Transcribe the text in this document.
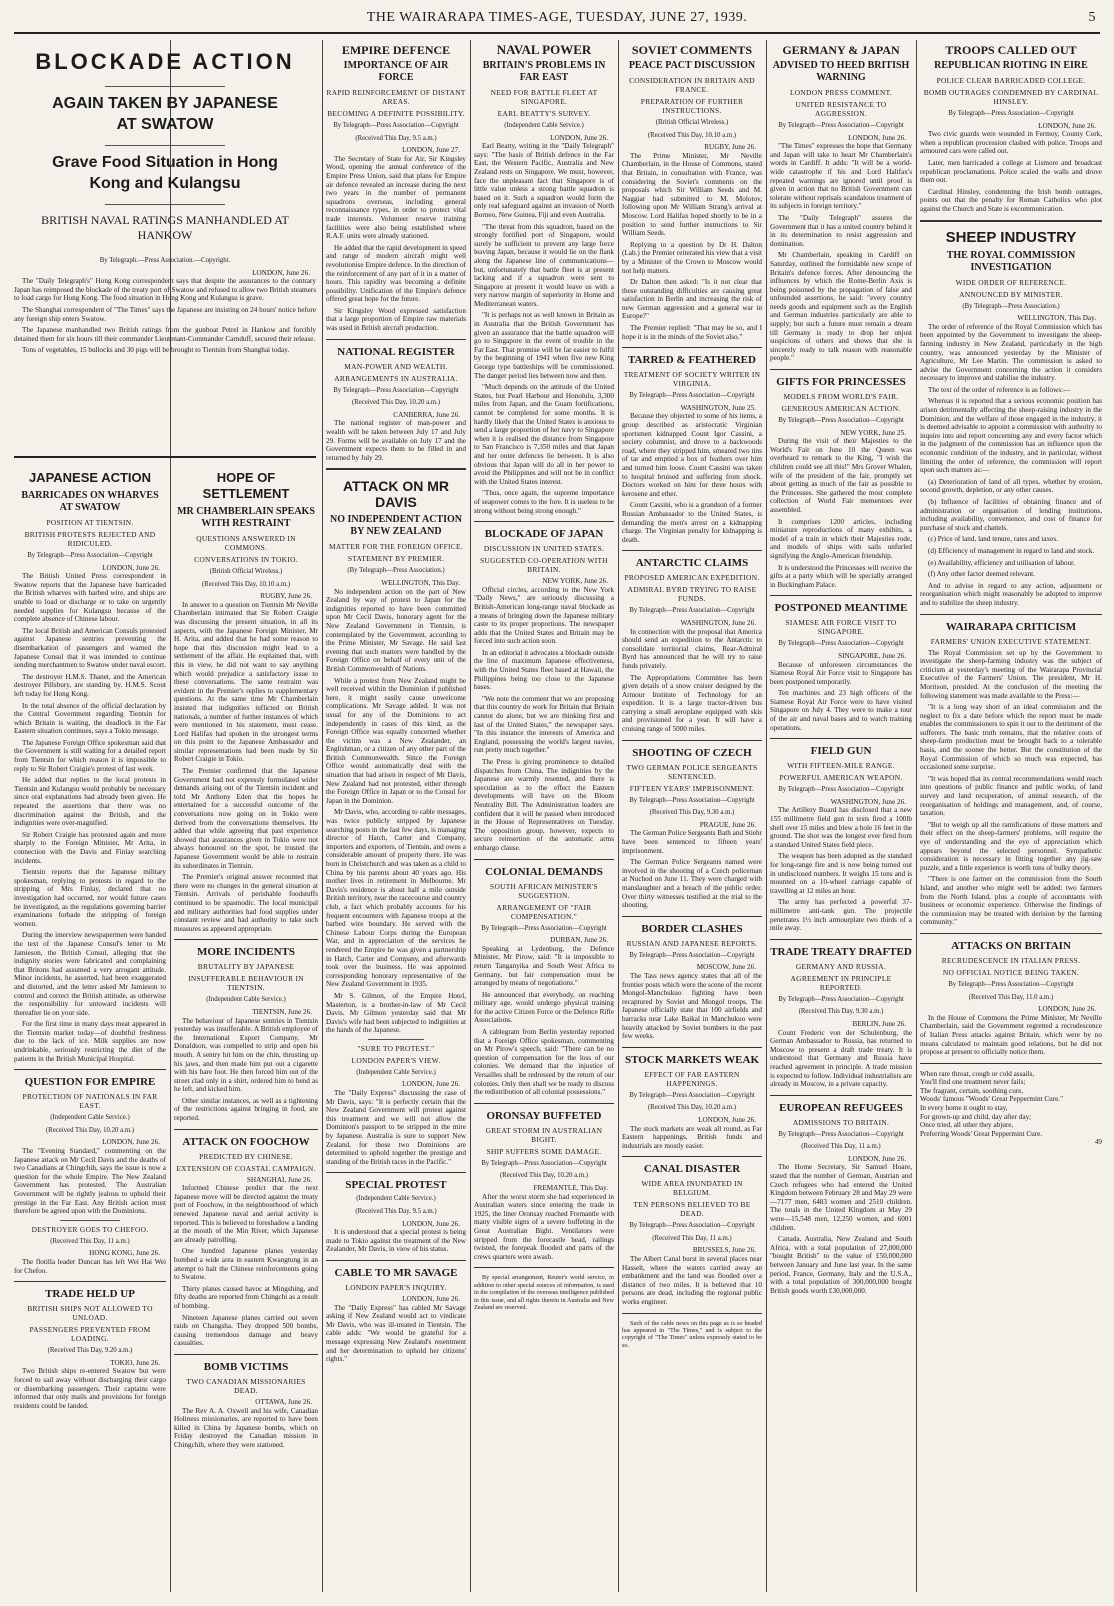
THE WAIRARAPA TIMES-AGE, TUESDAY, JUNE 27, 1939.	5
BLOCKADE ACTION
AGAIN TAKEN BY JAPANESE AT SWATOW
Grave Food Situation in Hong Kong and Kulangsu
BRITISH NAVAL RATINGS MANHANDLED AT HANKOW
By Telegraph.—Press Association.—Copyright.
LONDON, June 26.

The "Daily Telegraph's" Hong Kong correspondent says that despite the assurances to the contrary Japan has reimposed the blockade of the treaty port of Swatow and refused to allow two British steamers to load cargo for Hong Kong. The food situation in Hong Kong and Kulangsu is grave.

The Shanghai correspondent of "The Times" says the Japanese are insisting on 24 hours' notice before any foreign ship enters Swatow.

The Japanese manhandled two British ratings from the gunboat Petrel in Hankow and forcibly detained them for six hours till their commander Lieutenant-Commander Carnduff, secured their release.

Tons of vegetables, 15 bullocks and 30 pigs will be brought to Tientsin from Shanghai today.

JAPANESE ACTION
BARRICADES ON WHARVES AT SWATOW
POSITION AT TIENTSIN.
BRITISH PROTESTS REJECTED AND RIDICULED.
By Telegraph—Press Association—Copyright
LONDON, June 26.

The British United Press correspondent in Swatow reports that the Japanese have barricaded the British wharves with barbed wire, and ships are unable to load or discharge or to take on urgently needed supplies for Kulangsu because of the complete absence of Chinese labour.

The local British and American Consuls protested against Japanese sentries preventing the disembarkation of passengers and warned the Japanese Consul that it was intended to continue sending merchantmen to Swatow under naval escort.

The destroyer H.M.S. Thanet, and the American destroyer Pillsbury, are standing by. H.M.S. Scout left today for Hong Kong.

In the total absence of the official declaration by the Central Government regarding Tientsin for which Britain is waiting, the deadlock in the Far Eastern situation continues, says a Tokio message.

The Japanese Foreign Office spokesman said that the Government is still waiting for a detailed report from Tientsin for which reason it is impossible to reply to Sir Robert Craigie's protest of last week.

He added that replies to the local protests in Tientsin and Kulangsu would probably be necessary since oral explanations had already been given. He repeated the assertions that there was no discrimination against the British, and the indignities were over-magnified.

Sir Robert Craigie has protested again and more sharply to the Foreign Minister, Mr Arita, in connection with the Davis and Finlay searching incidents.

Tientsin reports that the Japanese military spokesman, replying to protests in regard to the stripping of Mrs Finlay, declared that no investigation had occurred, nor would future cases be investigated, as the regulations governing barrier examinations forbade the stripping of foreign women.

During the interview newspapermen were handed the text of the Japanese Consul's letter to Mr Jamieson, the British Consul, alleging that the indignity stories were fabricated and complaining that Britons had assumed a very arrogant attitude. Minor incidents, he asserted, had been exaggerated and distorted, and the letter asked Mr Jamieson to control and correct the British attitude, as otherwise the responsibility for untoward incidents will thereafter lie on your side.

For the first time in many days meat appeared in the Tientsin market today—of doubtful freshness due to the lack of ice. Milk supplies are now undrinkable, seriously restricting the diet of the patients in the British Municipal Hospital.

QUESTION FOR EMPIRE
PROTECTION OF NATIONALS IN FAR EAST.
(Independent Cable Service.)
(Received This Day, 10.20 a.m.)
LONDON, June 26.

The "Evening Standard," commenting on the Japanese attack on Mr Cecil Davis and the deaths of two Canadians at Chingchih, says the issue is now a question for the whole Empire. The New Zealand Government has protested. The Australian Government will be rightly jealous to uphold their prestige in the Far East. Any British action must therefore be agreed upon with the Dominions.

DESTROYER GOES TO CHEFOO.
(Received This Day, 11 a.m.)
HONG KONG, June 26.

The flotilla leader Duncan has left Wei Hai Wei for Chefoo.

TRADE HELD UP
BRITISH SHIPS NOT ALLOWED TO UNLOAD.
PASSENGERS PREVENTED FROM LOADING.
(Received This Day, 9.20 a.m.)
TOKIO, June 26.

Two British ships re-entered Swatow but were forced to sail away without discharging their cargo or disembarking passengers. Their captains were informed that only mails and provisions for foreign residents could be landed.

HOPE OF SETTLEMENT
MR CHAMBERLAIN SPEAKS WITH RESTRAINT
QUESTIONS ANSWERED IN COMMONS.
CONVERSATIONS IN TOKIO.
(British Official Wireless.)
(Received This Day, 10.10 a.m.)
RUGBY, June 26.

In answer to a question on Tientsin Mr Neville Chamberlain intimated that Sir Robert Craigie was discussing the present situation, in all its aspects, with the Japanese Foreign Minister, Mr H. Arita, and added that he had some reason to hope that this discussion might lead to a settlement of the affair. He explained that, with this in view, he did not want to say anything which would prejudice a satisfactory issue to these conversations. The same restraint was evident in the Premier's replies to supplementary questions. At the same time Mr Chamberlain insisted that indignities inflicted on British nationals, a number of further instances of which were mentioned in his statement, must cease. Lord Halifax had spoken in the strongest terms on this point to the Japanese Ambassador and similar representations had been made by Sir Robert Craigie in Tokio.

The Premier confirmed that the Japanese Government had not expressly formulated wider demands arising out of the Tientsin incident and told Mr Anthony Eden that the hopes he entertained for a successful outcome of the conversations now going on in Tokio were derived from the conversations themselves. He added that while agreeing that past experience showed that assurances given in Tokio were not always honoured on the spot, he trusted the Japanese Government would be able to restrain its subordinates in Tientsin.

The Premier's original answer recounted that there were no changes in the general situation at Tientsin. Arrivals of perishable foodstuffs continued to be spasmodic. The local municipal and military authorities had food supplies under constant review and had authority to take such measures as appeared appropriate.

MORE INCIDENTS
BRUTALITY BY JAPANESE
INSUFFERABLE BEHAVIOUR IN TIENTSIN.
(Independent Cable Service.)
TIENTSIN, June 26.

The behaviour of Japanese sentries in Tientsin yesterday was insufferable. A British employee of the International Export Company, Mr Donaldson, was compelled to strip and open his mouth. A sentry hit him on the chin, thrusting up his jaws, and then made him put out a cigarette with his bare foot. He then forced him out of the street clad only in a shirt, ordered him to bend as he left, and kicked him.

Other similar instances, as well as a tightening of the restrictions against bringing in food, are reported.

ATTACK ON FOOCHOW
PREDICTED BY CHINESE.
EXTENSION OF COASTAL CAMPAIGN.
SHANGHAI, June 26.

Informed Chinese predict that the next Japanese move will be directed against the treaty port of Foochow, in the neighbourhood of which renewed Japanese naval and aerial activity is reported. This is believed to foreshadow a landing at the mouth of the Min River, which Japanese are already patrolling.

One hundred Japanese planes yesterday bombed a wide area in eastern Kwangtung in an attempt to halt the Chinese reinforcements going to Swatow.

Thirty planes caused havoc at Mingshing, and fifty deaths are reported from Chingchi as a result of bombing.

Nineteen Japanese planes carried out seven raids on Changsha. They dropped 500 bombs, causing tremendous damage and heavy casualties.

BOMB VICTIMS
TWO CANADIAN MISSIONARIES DEAD.
OTTAWA, June 26.

The Rev A. A. Oxwell and his wife, Canadian Holiness missionaries, are reported to have been killed in China by Japanese bombs, which on Friday destroyed the Canadian mission in Chingchih, where they were stationed.

EMPIRE DEFENCE
IMPORTANCE OF AIR FORCE
RAPID REINFORCEMENT OF DISTANT AREAS.
BECOMING A DEFINITE POSSIBILITY.
By Telegraph—Press Association—Copyright
(Received This Day, 9.5 a.m.)
LONDON, June 27.

The Secretary of State for Air, Sir Kingsley Wood, opening the annual conference of the Empire Press Union, said that plans for Empire air defence revealed an increase during the next two years in the number of permanent squadrons overseas, including general reconnaissance types, in order to protect vital trade interests. Volunteer reserve training facilities were also being established where R.A.F. units were already stationed.

He added that the rapid development in speed and range of modern aircraft might well revolutionise Empire defence. In the direction of the reinforcement of any part of it in a matter of hours. This rapidity was becoming a definite possibility. Unification of the Empire's defence offered great hope for the future.

Sir Kingsley Wood expressed satisfaction that a large proportion of Empire raw materials was used in British aircraft production.

NATIONAL REGISTER
MAN-POWER AND WEALTH.
ARRANGEMENTS IN AUSTRALIA.
By Telegraph—Press Association—Copyright
(Received This Day, 10.20 a.m.)
CANBERRA, June 26.

The national register of man-power and wealth will be taken between July 17 and July 29. Forms will be available on July 17 and the Government expects them to be filled in and returned by July 29.

ATTACK ON MR DAVIS
NO INDEPENDENT ACTION BY NEW ZEALAND
MATTER FOR THE FOREIGN OFFICE.
STATEMENT BY PREMIER.
(By Telegraph—Press Association.)
WELLINGTON, This Day.

No independent action on the part of New Zealand by way of protest to Japan for the indignities reported to have been committed upon Mr Cecil Davis, honorary agent for the New Zealand Government in Tientsin, is contemplated by the Government, according to the Prime Minister, Mr Savage. He said last evening that such matters were handled by the Foreign Office on behalf of every unit of the British Commonwealth of Nations.

While a protest from New Zealand might be well received within the Dominion if published here, it might easily cause unwelcome complications. Mr Savage added. It was not usual for any of the Dominions to act independently in cases of this kind, as the Foreign Office was equally concerned whether the victim was a New Zealander, an Englishman, or a citizen of any other part of the British Commonwealth. Since the Foreign Office would automatically deal with the situation that had arisen in respect of Mr Davis, New Zealand had not protested, either through the Foreign Office in Japan or to the Consul for Japan in the Dominion.

Mr Davis, who, according to cable messages, was twice publicly stripped by Japanese searching posts in the last few days, is managing director of Hatch, Carter and Company, importers and exporters, of Tientsin, and owns a considerable amount of property there. He was born in Christchurch and was taken as a child to China by his parents about 40 years ago. His mother lives in retirement in Melbourne. Mr Davis's residence is about half a mile outside British territory, near the racecourse and country club, a fact which probably accounts for his frequent encounters with Japanese troops at the barbed wire boundary. He served with the Chinese Labour Corps during the European War, and in appreciation of the services he rendered the Empire he was given a partnership in Hatch, Carter and Company, and afterwards took over the business. He was appointed corresponding honorary representative of the New Zealand Government in 1935.

Mr S. Gilmon, of the Empire Hotel, Masterton, is a brother-in-law of Mr Cecil Davis. Mr Gilmon yesterday said that Mr Davis's wife had been subjected to indignities at the hands of the Japanese.

"SURE TO PROTEST."
LONDON PAPER'S VIEW.
(Independent Cable Service.)
LONDON, June 26.

The "Daily Express" discussing the case of Mr Davis, says: "It is perfectly certain that the New Zealand Government will protest against this treatment and we will not allow the Dominion's passport to be stripped in the mire by Japanese. Australia is sure to support New Zealand, for those two Dominions are determined to uphold together the prestige and standing of the British races in the Pacific."

SPECIAL PROTEST
(Independent Cable Service.)
(Received This Day, 9.5 a.m.)
LONDON, June 26.

It is understood that a special protest is being made to Tokio against the treatment of the New Zealander, Mr Davis, in view of his status.

CABLE TO MR SAVAGE
LONDON PAPER'S INQUIRY.
LONDON, June 26.

The "Daily Express" has cabled Mr Savage asking if New Zealand would act to vindicate Mr Davis, who was ill-treated in Tientsin. The cable adds: "We would be grateful for a message expressing New Zealand's resentment and her determination to uphold her citizens' rights."

NAVAL POWER
BRITAIN'S PROBLEMS IN FAR EAST
NEED FOR BATTLE FLEET AT SINGAPORE.
EARL BEATTY'S SURVEY.
(Independent Cable Service.)
LONDON, June 26.

Earl Beatty, writing in the "Daily Telegraph" says: "The basis of British defence in the Far East, the Western Pacific, Australia and New Zealand rests on Singapore. We must, however, face the unpleasant fact that Singapore is of little value unless a strong battle squadron is based on it. Such a squadron would form the only real safeguard against an invasion of North Borneo, New Guinea, Fiji and even Australia.

"The threat from this squadron, based on the strongly fortified port of Singapore, would surely be sufficient to prevent any large force leaving Japan, because it would lie on the flank along the Japanese line of communications—but, unfortunately that battle fleet is at present lacking and if a squadron were sent to Singapore at present it would leave us with a very narrow margin of superiority in Home and Mediterranean waters.

"It is perhaps not as well known in Britain as in Australia that the British Government has given an assurance that the battle squadron will go to Singapore in the event of trouble in the Far East. That promise will be far easier to fulfil by the beginning of 1941 when five new King George type battleships will be commissioned. The danger period lies between now and then.

"Much depends on the attitude of the United States, but Pearl Harbour and Honolulu, 3,300 miles from Japan, and the Guam fortifications, cannot be completed for some months. It is hardly likely that the United States is anxious to send a large proportion of her navy to Singapore when it is realised the distance from Singapore to San Francisco is 7,350 miles and that Japan and her outer defences lie between. It is also obvious that Japan will do all in her power to avoid the Philippines and will not be in conflict with the United States interest.

"Thus, once again, the supreme importance of seapower comes to the fore. It is useless to be strong without being strong enough."

BLOCKADE OF JAPAN
DISCUSSION IN UNITED STATES.
SUGGESTED CO-OPERATION WITH BRITAIN.
NEW YORK, June 26.

Official circles, according to the New York "Daily News," are seriously discussing a British-American long-range naval blockade as a means of bringing down the Japanese military caste to its proper proportions. The newspaper adds that the United States and Britain may be forced into such action soon.

In an editorial it advocates a blockade outside the line of maximum Japanese effectiveness, with the United States fleet based at Hawaii, the Philippines being too close to the Japanese bases.

"We note the comment that we are proposing that this country do work for Britain that Britain cannot do alone, but we are thinking first and last of the United States," the newspaper says. "In this instance the interests of America and England, possessing the world's largest navies, run pretty much together."

The Press is giving prominence to detailed dispatches from China. The indignities by the Japanese are warmly resented, and there is speculation as to the effect the Eastern developments will have on the Bloom Neutrality Bill. The Administration leaders are confident that it will be passed when introduced in the House of Representatives on Tuesday. The opposition group, however, expects to secure reinsertion of the automatic arms embargo clause.

COLONIAL DEMANDS
SOUTH AFRICAN MINISTER'S SUGGESTION.
ARRANGEMENT OF "FAIR COMPENSATION."
By Telegraph—Press Association—Copyright
DURBAN, June 26.

Speaking at Lydenburg, the Defence Minister, Mr Pirow, said: "It is impossible to return Tanganyika and South West Africa to Germany, but fair compensation must be arranged by means of negotiations."

He announced that everybody, on reaching military age, would undergo physical training for the active Citizen Force or the Defence Rifle Associations.

A cablegram from Berlin yesterday reported that a Foreign Office spokesman, commenting on Mr Pirow's speech, said: "There can be no question of compensation for the loss of our colonies. We demand that the injustice of Versailles shall be redressed by the return of our colonies. Only then shall we be ready to discuss the redistribution of all colonial possessions."

ORONSAY BUFFETED
GREAT STORM IN AUSTRALIAN BIGHT.
SHIP SUFFERS SOME DAMAGE.
By Telegraph—Press Association—Copyright
(Received This Day, 10.20 a.m.)
FREMANTLE, This Day.

After the worst storm she had experienced in Australian waters since entering the trade in 1925, the liner Oronsay reached Fremantle with many visible signs of a severe buffeting in the Great Australian Bight. Ventilators were stripped from the forecastle head, railings twisted, the forepeak flooded and parts of the crews quarters were awash.

By special arrangement, Reuter's world service, in addition to other special sources of information, is used in the compilation of the overseas intelligence published in this issue, and all rights therein in Australia and New Zealand are reserved.

SOVIET COMMENTS
PEACE PACT DISCUSSION
CONSIDERATION IN BRITAIN AND FRANCE.
PREPARATION OF FURTHER INSTRUCTIONS.
(British Official Wireless.)
(Received This Day, 10.10 a.m.)
RUGBY, June 26.

The Prime Minister, Mr Neville Chamberlain, in the House of Commons, stated that Britain, in consultation with France, was considering the Soviet's comments on the proposals which Sir William Seeds and M. Naggiar had submitted to M. Molotov, following upon Mr William Strang's arrival at Moscow. Lord Halifax hoped shortly to be in a position to send further instructions to Sir William Seeds.

Replying to a question by Dr H. Dalton (Lab.) the Premier reiterated his view that a visit by a Minister of the Crown to Moscow would not help matters.

Dr Dalton then asked: "Is it not clear that these outstanding difficulties are causing great satisfaction in Berlin and increasing the risk of new German aggression and a general war in Europe?"

The Premier replied: "That may be so, and I hope it is in the minds of the Soviet also."

TARRED & FEATHERED
TREATMENT OF SOCIETY WRITER IN VIRGINIA.
By Telegraph—Press Association—Copyright
WASHINGTON, June 25.

Because they objected to some of his items, a group described as aristocratic Virginian sportsmen kidnapped Count Igor Cassini, a society columnist, and drove to a backwoods road, where they stripped him, smeared two tins of tar and emptied a box of feathers over him and turned him loose. Count Cassini was taken to hospital bruised and suffering from shock. Doctors worked on him for three hours with kerosene and ether.

Count Cassini, who is a grandson of a former Russian Ambassador to the United States, is demanding the men's arrest on a kidnapping charge. The Virginian penalty for kidnapping is death.

ANTARCTIC CLAIMS
PROPOSED AMERICAN EXPEDITION.
ADMIRAL BYRD TRYING TO RAISE FUNDS.
By Telegraph—Press Association—Copyright
WASHINGTON, June 26.

In connection with the proposal that America should send an expedition to the Antarctic to consolidate territorial claims, Rear-Admiral Byrd has announced that he will try to raise funds privately.

The Appropriations Committee has been given details of a snow cruiser designed by the Armour Institute of Technology for an expedition. It is a large tractor-driven bus carrying a small aeroplane equipped with skis and provisioned for a year. It will have a cruising range of 5000 miles.

SHOOTING OF CZECH
TWO GERMAN POLICE SERGEANTS SENTENCED.
FIFTEEN YEARS' IMPRISONMENT.
By Telegraph—Press Association—Copyright
(Received This Day, 9.30 a.m.)
PRAGUE, June 26.

The German Police Sergeants Bath and Stiehr have been sentenced to fifteen years' imprisonment.

The German Police Sergeants named were involved in the shooting of a Czech policeman at Nuchod on June 11. They were charged with manslaughter and a breach of the public order. Over thirty witnesses testified at the trial to the shooting.

BORDER CLASHES
RUSSIAN AND JAPANESE REPORTS.
By Telegraph—Press Association—Copyright
MOSCOW, June 26.

The Tass news agency states that all of the frontier posts which were the scene of the recent Mongol-Manchukuo fighting have been recaptured by Soviet and Mongol troops. The Japanese officially state that 100 airfields and barracks near Lake Baikal in Manchukuo were heavily attacked by Soviet bombers in the past few weeks.

STOCK MARKETS WEAK
EFFECT OF FAR EASTERN HAPPENINGS.
By Telegraph—Press Association—Copyright
(Received This Day, 10.20 a.m.)
LONDON, June 26.

The stock markets are weak all round, as Far Eastern happenings, British funds and industrials are mostly easier.

CANAL DISASTER
WIDE AREA INUNDATED IN BELGIUM.
TEN PERSONS BELIEVED TO BE DEAD.
By Telegraph—Press Association—Copyright
(Received This Day, 11 a.m.)
BRUSSELS, June 26.

The Albert Canal burst in several places near Hasselt, where the waters carried away an embankment and the land was flooded over a distance of two miles. It is believed that 10 persons are dead, including the regional public works engineer.

Such of the cable news on this page as is so headed has appeared in "The Times," and is subject to the copyright of "The Times" unless expressly stated to be so.

GERMANY & JAPAN
ADVISED TO HEED BRITISH WARNING
LONDON PRESS COMMENT.
UNITED RESISTANCE TO AGGRESSION.
By Telegraph—Press Association—Copyright
LONDON, June 26.

"The Times" expresses the hope that Germany and Japan will take to heart Mr Chamberlain's words in Cardiff. It adds: "It will be a world-wide catastrophe if his and Lord Halifax's repeated warnings are ignored until proof is given in action that no British Government can tolerate without reprisals scandalous treatment of its subjects in foreign territory."

The "Daily Telegraph" assures the Government that it has a united country behind it in its determination to resist aggression and domination.

Mr Chamberlain, speaking in Cardiff on Saturday, outlined the formidable new scope of Britain's defence forces. After denouncing the influences by which the Rome-Berlin Axis is being poisoned by the propagation of false and unfounded assertions, he said: "every country needs goods and equipment such as the English and German industries particularly are able to supply; but such a future must remain a dream till Germany is ready to drop her unjust suspicions of others and shows that she is sincerely ready to talk reason with reasonable people."

GIFTS FOR PRINCESSES
MODELS FROM WORLD'S FAIR.
GENEROUS AMERICAN ACTION.
By Telegraph—Press Association—Copyright
NEW YORK, June 25.

During the visit of their Majesties to the World's Fair on June 10 the Queen was overheard to remark to the King, "I wish the children could see all this!" Mrs Grover Whalen, wife of the president of the fair, promptly set about getting as much of the fair as possible to the Princesses. She gathered the most complete collection of World Fair mementoes ever assembled.

It comprises 1200 articles, including miniature reproductions of many exhibits, a model of a train in which their Majesties rode, and models of ships with sails unfurled signifying the Anglo-American friendship.

It is understood the Princesses will receive the gifts at a party which will be specially arranged in Buckingham Palace.

POSTPONED MEANTIME
SIAMESE AIR FORCE VISIT TO SINGAPORE.
By Telegraph—Press Association—Copyright
SINGAPORE, June 26.

Because of unforeseen circumstances the Siamese Royal Air Force visit to Singapore has been postponed temporarily.

Ten machines and 23 high officers of the Siamese Royal Air Force were to have visited Singapore on July 4. They were to make a tour of the air and naval bases and to watch training operations.

FIELD GUN
WITH FIFTEEN-MILE RANGE.
POWERFUL AMERICAN WEAPON.
By Telegraph—Press Association—Copyright
WASHINGTON, June 26.

The Artillery Board has disclosed that a new 155 millimetre field gun in tests fired a 100lb shell over 15 miles and blew a hole 16 feet in the ground. The shot was the longest ever fired from a standard United States field piece.

The weapon has been adopted as the standard for long-range fire and is now being turned out in undisclosed numbers. It weighs 15 tons and is mounted on a 10-wheel carriage capable of travelling at 12 miles an hour.

The army has perfected a powerful 37-millimetre anti-tank gun. The projectile penetrates 1½ inch armourplate two thirds of a mile away.

TRADE TREATY DRAFTED
GERMANY AND RUSSIA.
AGREEMENT IN PRINCIPLE REPORTED.
By Telegraph—Press Association—Copyright
(Received This Day, 9.30 a.m.)
BERLIN, June 26.

Count Frederic von der Schulenburg, the German Ambassador to Russia, has returned to Moscow to present a draft trade treaty. It is understood that Germany and Russia have reached agreement in principle. A trade mission is expected to follow. Individual industrialists are already in Moscow, in a private capacity.

EUROPEAN REFUGEES
ADMISSIONS TO BRITAIN.
By Telegraph—Press Association—Copyright
(Received This Day, 11 a.m.)
LONDON, June 26.

The Home Secretary, Sir Samuel Hoare, stated that the number of German, Austrian and Czech refugees who had entered the United Kingdom between February 28 and May 29 were—7177 men, 6483 women and 2510 children. The totals in the United Kingdom at May 29 were—15,548 men, 12,250 women, and 6001 children.

Canada, Australia, New Zealand and South Africa, with a total population of 27,000,000 "bought British" to the value of £50,000,000 between January and June last year. In the same period, France, Germany, Italy and the U.S.A., with a total population of 300,000,000 bought British goods worth £30,000,000.

TROOPS CALLED OUT
REPUBLICAN RIOTING IN EIRE
POLICE CLEAR BARRICADED COLLEGE.
BOMB OUTRAGES CONDEMNED BY CARDINAL HINSLEY.
By Telegraph—Press Association—Copyright
LONDON, June 26.

Two civic guards were wounded in Fermoy, County Cork, when a republican procession clashed with police. Troops and armoured cars were called out.

Later, men barricaded a college at Lismore and broadcast republican proclamations. Police scaled the walls and drove them out.

Cardinal Hinsley, condemning the Irish bomb outrages, points out that the penalty for Roman Catholics who plot against the Church and State is excommunication.

SHEEP INDUSTRY
THE ROYAL COMMISSION INVESTIGATION
WIDE ORDER OF REFERENCE.
ANNOUNCED BY MINISTER.
(By Telegraph—Press Association.)
WELLINGTON, This Day.

The order of reference of the Royal Commission which has been appointed by the Government to investigate the sheep-farming industry in New Zealand, particularly in the high country, was announced yesterday by the Minister of Agriculture, Mr Lee Martin. The commission is asked to advise the Government concerning the action it considers necessary to improve and stabilise the industry.

The text of the order of reference is as follows:—

Whereas it is reported that a serious economic position has arisen detrimentally affecting the sheep-raising industry in the Dominion, and the welfare of those engaged in the industry, it is deemed advisable to appoint a commission with authority to inquire into and report concerning any and every factor which in the judgment of the commission has an influence upon the economic condition of the industry, and in particular, without limiting the order of reference, the commission will report upon such matters as:—

(a) Deterioration of land of all types, whether by erosion, second growth, depletion, or any other causes.

(b) Influence of facilities of obtaining finance and of administration or organisation of lending institutions, including availability, convenience, and cost of finance for purchase of stock and chattels.

(c) Price of land, land tenure, rates and taxes.

(d) Efficiency of management in regard to land and stock.

(e) Availability, efficiency and utilisation of labour.

(f) Any other factor deemed relevant.

And to advise in regard to any action, adjustment or reorganisation which might reasonably be adopted to improve and to stabilize the sheep industry.

WAIRARAPA CRITICISM
FARMERS' UNION EXECUTIVE STATEMENT.

The Royal Commission set up by the Government to investigate the sheep-farming industry was the subject of criticism at yesterday's meeting of the Wairarapa Provincial Executive of the Farmers' Union. The president, Mr H. Morrison, presided. At the conclusion of the meeting the following statement was made available to the Press:—

"It is a long way short of an ideal commission and the neglect to fix a date before which the report must be made enables the commissioners to spin it out to the detriment of the sufferers. The basic truth remains, that the relative costs of sheep-farm production must be brought back to a tolerable basis, and the sooner the better. But the constitution of the Royal Commission of which so much was expected, has occasioned some surprise.

"It was hoped that its central recommendations would reach into questions of public finance and public works, of land survey and land recuperation, of animal research, of the reorganisation of holdings and management, and, of course, taxation.

"But to weigh up all the ramifications of these matters and their effect on the sheep-farmers' problems, will require the eye of understanding and the eye of appreciation which appears beyond the selected personnel. Sympathetic consideration is necessary in fitting together any jig-saw puzzle, and a little experience is worth tons of bulky theory.

"There is one farmer on the commission from the South Island, and another who might well be added: two farmers from the North Island, plus a couple of accountants with business or economic experience. Otherwise the findings of the commission may be treated with derision by the farming community."

ATTACKS ON BRITAIN
RECRUDESCENCE IN ITALIAN PRESS.
NO OFFICIAL NOTICE BEING TAKEN.
By Telegraph—Press Association—Copyright
(Received This Day, 11.0 a.m.)
LONDON, June 26.

In the House of Commons the Prime Minister, Mr Neville Chamberlain, said the Government regretted a recrudescence of Italian Press attacks against Britain, which were by no means calculated to maintain good relations, but he did not propose at present to officially notice them.

When rare throat, cough or cold assails,
You'll find one treatment never fails;
The fragrant, certain, soothing cure,
Woods' famous "Woods' Great Peppermint Cure."
In every home it ought to stay,
For grown-up and child, day after day;
Once tried, all other they abjure,
Preferring Woods' Great Peppermint Cure.
49
